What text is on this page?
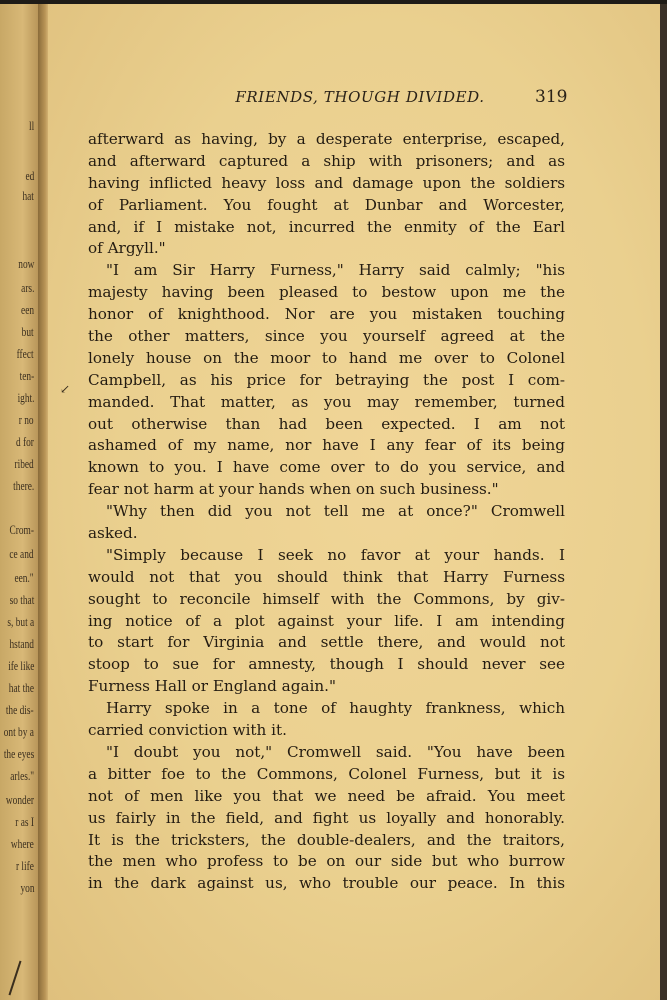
ll
ed
hat
now
ars.
een
but
ffect
ten-
ight.
r no
d for
ribed
there.
Crom-
ce and
een."
so that
s, but a
hstand
ife like
hat the
the dis-
ont by a
the eyes
arles."
wonder
r as I
where
r life
yon
FRIENDS, THOUGH DIVIDED.	319
afterward as having, by a desperate enterprise, escaped,
and afterward captured a ship with prisoners; and as
having inflicted heavy loss and damage upon the soldiers
of Parliament. You fought at Dunbar and Worcester,
and, if I mistake not, incurred the enmity of the Earl
of Argyll."
"I am Sir Harry Furness," Harry said calmly; "his
majesty having been pleased to bestow upon me the
honor of knighthood. Nor are you mistaken touching
the other matters, since you yourself agreed at the
lonely house on the moor to hand me over to Colonel
Campbell, as his price for betraying the post I com-
manded. That matter, as you may remember, turned
out otherwise than had been expected. I am not
ashamed of my name, nor have I any fear of its being
known to you. I have come over to do you service, and
fear not harm at your hands when on such business."
"Why then did you not tell me at once?" Cromwell
asked.
"Simply because I seek no favor at your hands. I
would not that you should think that Harry Furness
sought to reconcile himself with the Commons, by giv-
ing notice of a plot against your life. I am intending
to start for Virginia and settle there, and would not
stoop to sue for amnesty, though I should never see
Furness Hall or England again."
Harry spoke in a tone of haughty frankness, which
carried conviction with it.
"I doubt you not," Cromwell said. "You have been
a bitter foe to the Commons, Colonel Furness, but it is
not of men like you that we need be afraid. You meet
us fairly in the field, and fight us loyally and honorably.
It is the tricksters, the double-dealers, and the traitors,
the men who profess to be on our side but who burrow
in the dark against us, who trouble our peace. In this
↙
